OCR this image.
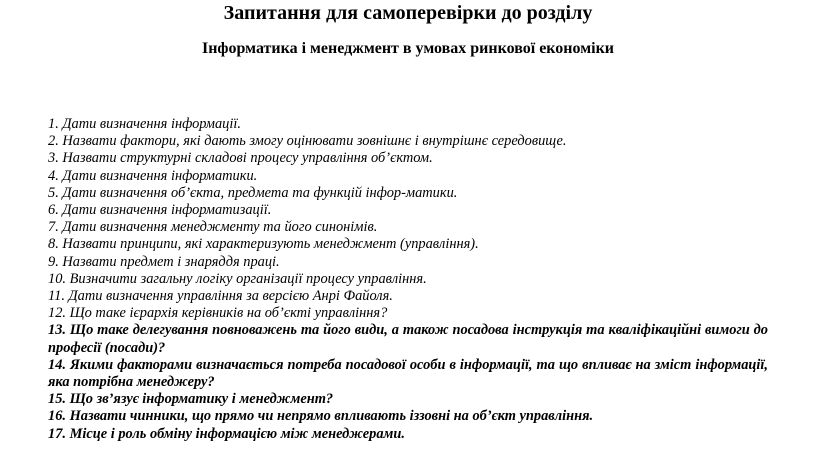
Запитання для самоперевірки до розділу
Інформатика і менеджмент в умовах ринкової економіки
1. Дати визначення інформації.
2. Назвати фактори, які дають змогу оцінювати зовнішнє і внутрішнє середовище.
3. Назвати структурні складові процесу управління об’єктом.
4. Дати визначення інформатики.
5. Дати визначення об’єкта, предмета та функцій інфор-матики.
6. Дати визначення інформатизації.
7. Дати визначення менеджменту та його синонімів.
8. Назвати принципи, які характеризують менеджмент (управління).
9. Назвати предмет і знаряддя праці.
10. Визначити загальну логіку організації процесу управління.
11. Дати визначення управління за версією Анрі Файоля.
12. Що таке ієрархія керівників на об’єкті управління?
13. Що таке делегування повноважень та його види, а також посадова інструкція та кваліфікаційні вимоги до професії (посади)?
14. Якими факторами визначається потреба посадової особи в інформації, та що впливає на зміст інформації, яка потрібна менеджеру?
15. Що зв’язує інформатику і менеджмент?
16. Назвати чинники, що прямо чи непрямо впливають іззовні на об’єкт управління.
17. Місце і роль обміну інформацією між менеджерами.
